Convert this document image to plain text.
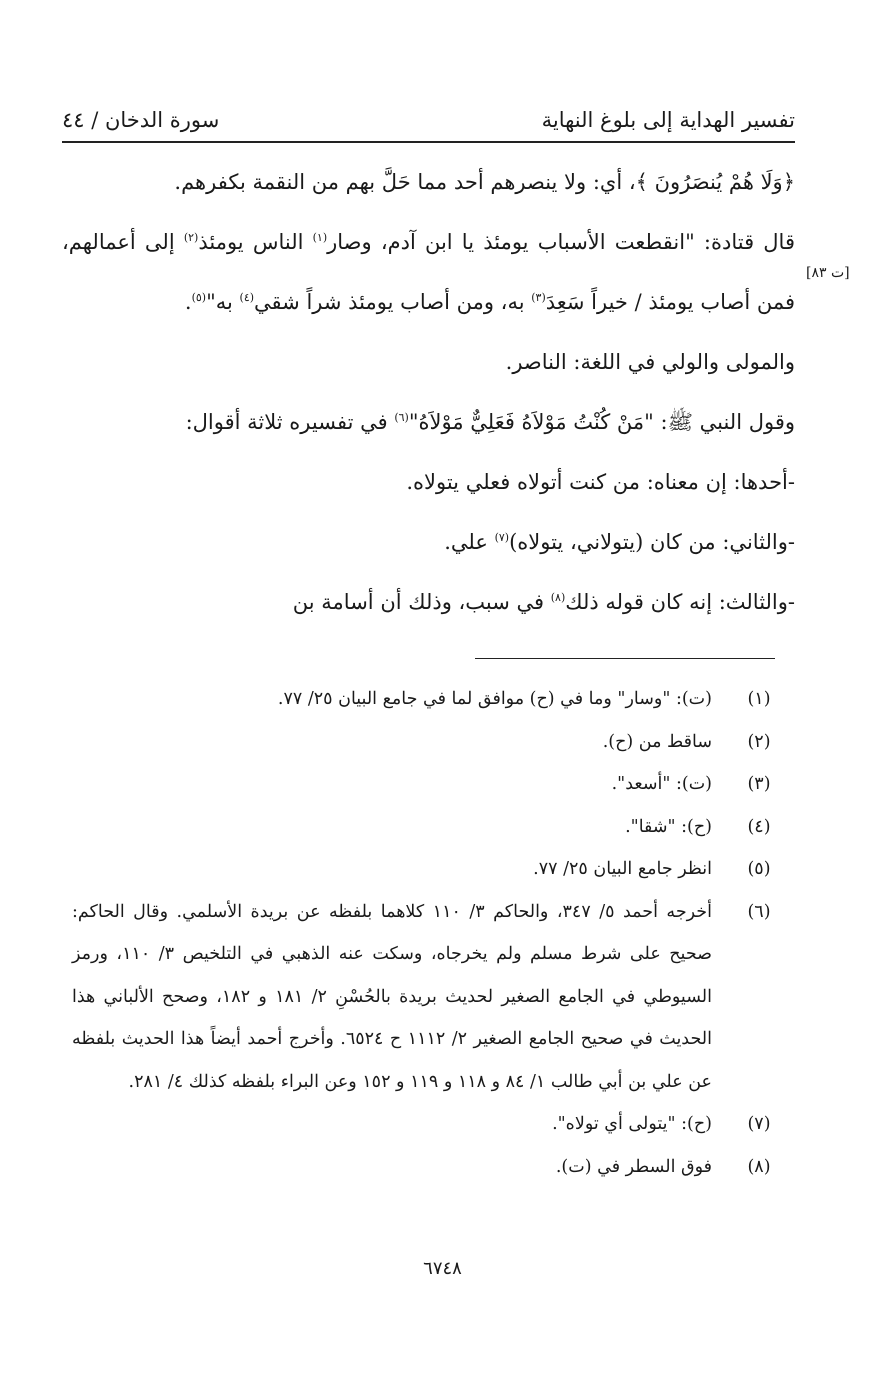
تفسير الهداية إلى بلوغ النهاية
سورة الدخان / ٤٤
[ت ٨٣]

﴿وَلَا هُمْ يُنصَرُونَ ﴾، أي: ولا ينصرهم أحد مما حَلَّ بهم من النقمة بكفرهم.

قال قتادة: "انقطعت الأسباب يومئذ يا ابن آدم، وصار$^{(١)}$ الناس يومئذ$^{(٢)}$ إلى أعمالهم، فمن أصاب يومئذ / خيراً سَعِدَ$^{(٣)}$ به، ومن أصاب يومئذ شراً شقي$^{(٤)}$ به"$^{(٥)}$.

والمولى والولي في اللغة: الناصر.

وقول النبي ﷺ: "مَنْ كُنْتُ مَوْلاَهُ فَعَلِيٌّ مَوْلاَهُ"$^{(٦)}$ في تفسيره ثلاثة أقوال:

-أحدها: إن معناه: من كنت أتولاه فعلي يتولاه.

-والثاني: من كان (يتولاني، يتولاه)$^{(٧)}$ علي.

-والثالث: إنه كان قوله ذلك$^{(٨)}$ في سبب، وذلك أن أسامة بن

(١)
(ت): "وسار" وما في (ح) موافق لما في جامع البيان ٢٥/ ٧٧.
(٢)
ساقط من (ح).
(٣)
(ت): "أسعد".
(٤)
(ح): "شقا".
(٥)
انظر جامع البيان ٢٥/ ٧٧.
(٦)
أخرجه أحمد ٥/ ٣٤٧، والحاكم ٣/ ١١٠ كلاهما بلفظه عن بريدة الأسلمي. وقال الحاكم: صحيح على شرط مسلم ولم يخرجاه، وسكت عنه الذهبي في التلخيص ٣/ ١١٠، ورمز السيوطي في الجامع الصغير لحديث بريدة بالحُسْنِ ٢/ ١٨١ و ١٨٢، وصحح الألباني هذا الحديث في صحيح الجامع الصغير ٢/ ١١١٢ ح ٦٥٢٤. وأخرج أحمد أيضاً هذا الحديث بلفظه عن علي بن أبي طالب ١/ ٨٤ و ١١٨ و ١١٩ و ١٥٢ وعن البراء بلفظه كذلك ٤/ ٢٨١.
(٧)
(ح): "يتولى أي تولاه".
(٨)
فوق السطر في (ت).
٦٧٤٨
